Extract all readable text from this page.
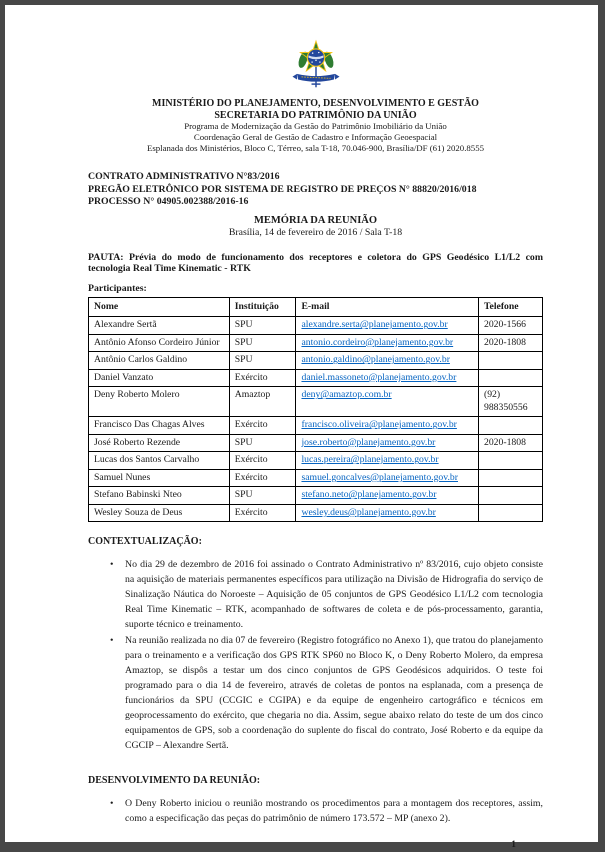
MINISTÉRIO DO PLANEJAMENTO, DESENVOLVIMENTO E GESTÃO

SECRETARIA DO PATRIMÔNIO DA UNIÃO

Programa de Modernização da Gestão do Patrimônio Imobiliário da União

Coordenação Geral de Gestão de Cadastro e Informação Geoespacial

Esplanada dos Ministérios, Bloco C, Térreo, sala T-18, 70.046-900, Brasília/DF (61) 2020.8555

CONTRATO ADMINISTRATIVO N°83/2016

PREGÃO ELETRÔNICO POR SISTEMA DE REGISTRO DE PREÇOS N° 88820/2016/018

PROCESSO N° 04905.002388/2016-16

MEMÓRIA DA REUNIÃO

Brasília, 14 de fevereiro de 2016 / Sala T-18

PAUTA: Prévia do modo de funcionamento dos receptores e coletora do GPS Geodésico L1/L2 com tecnologia Real Time Kinematic - RTK
Participantes:
Nome	Instituição	E-mail	Telefone
Alexandre Sertã	SPU	alexandre.serta@planejamento.gov.br	2020-1566
Antônio Afonso Cordeiro Júnior	SPU	antonio.cordeiro@planejamento.gov.br	2020-1808
Antônio Carlos Galdino	SPU	antonio.galdino@planejamento.gov.br	
Daniel Vanzato	Exército	daniel.massoneto@planejamento.gov.br	
Deny Roberto Molero	Amaztop	deny@amaztop.com.br	(92) 988350556
Francisco Das Chagas Alves	Exército	francisco.oliveira@planejamento.gov.br	
José Roberto Rezende	SPU	jose.roberto@planejamento.gov.br	2020-1808
Lucas dos Santos Carvalho	Exército	lucas.pereira@planejamento.gov.br	
Samuel Nunes	Exército	samuel.goncalves@planejamento.gov.br	
Stefano Babinski Nteo	SPU	stefano.neto@planejamento.gov.br	
Wesley Souza de Deus	Exército	wesley.deus@planejamento.gov.br	

CONTEXTUALIZAÇÃO:

•
No dia 29 de dezembro de 2016 foi assinado o Contrato Administrativo nº 83/2016, cujo objeto consiste na aquisição de materiais permanentes específicos para utilização na Divisão de Hidrografia do serviço de Sinalização Náutica do Noroeste – Aquisição de 05 conjuntos de GPS Geodésico L1/L2 com tecnologia Real Time Kinematic – RTK, acompanhado de softwares de coleta e de pós-processamento, garantia, suporte técnico e treinamento.
•
Na reunião realizada no dia 07 de fevereiro (Registro fotográfico no Anexo 1), que tratou do planejamento para o treinamento e a verificação dos GPS RTK SP60 no Bloco K, o Deny Roberto Molero, da empresa Amaztop, se dispôs a testar um dos cinco conjuntos de GPS Geodésicos adquiridos. O teste foi programado para o dia 14 de fevereiro, através de coletas de pontos na esplanada, com a presença de funcionários da SPU (CCGIC e CGIPA) e da equipe de engenheiro cartográfico e técnicos em geoprocessamento do exército, que chegaria no dia. Assim, segue abaixo relato do teste de um dos cinco equipamentos de GPS, sob a coordenação do suplente do fiscal do contrato, José Roberto e da equipe da CGCIP – Alexandre Sertã.

DESENVOLVIMENTO DA REUNIÃO:

•
O Deny Roberto iniciou o reunião mostrando os procedimentos para a montagem dos receptores, assim, como a especificação das peças do patrimônio de número 173.572 – MP (anexo 2).
1
